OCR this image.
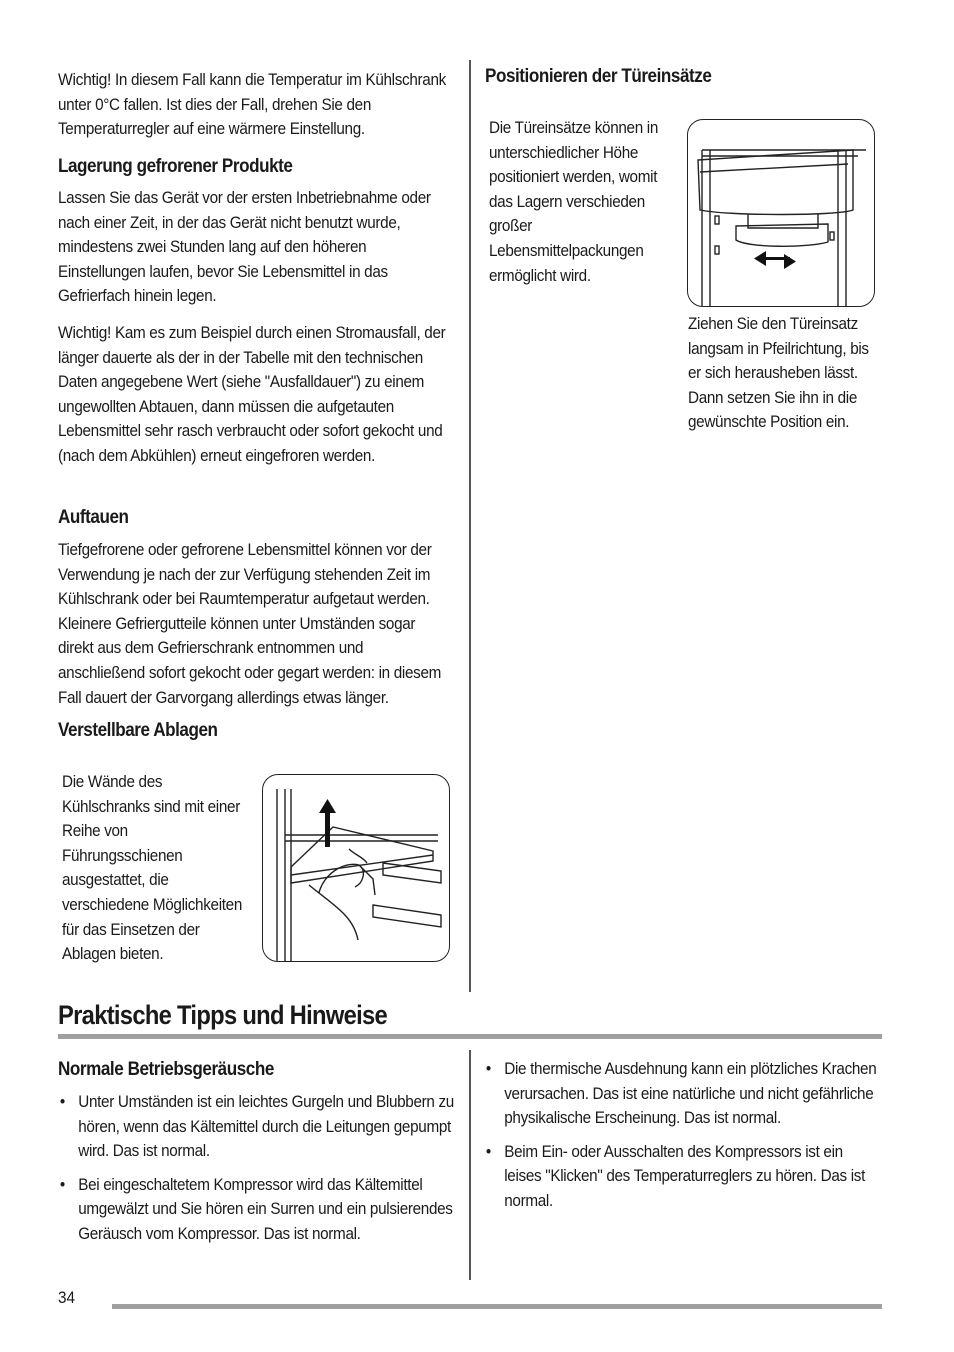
Wichtig! In diesem Fall kann die Temperatur im Kühlschrank unter 0°C fallen. Ist dies der Fall, drehen Sie den Temperaturregler auf eine wärmere Einstellung.

Lagerung gefrorener Produkte

Lassen Sie das Gerät vor der ersten Inbetriebnahme oder nach einer Zeit, in der das Gerät nicht benutzt wurde, mindestens zwei Stunden lang auf den höheren Einstellungen laufen, bevor Sie Lebensmittel in das Gefrierfach hinein legen.

Wichtig! Kam es zum Beispiel durch einen Stromausfall, der länger dauerte als der in der Tabelle mit den technischen Daten angegebene Wert (siehe "Ausfalldauer") zu einem ungewollten Abtauen, dann müssen die aufgetauten Lebensmittel sehr rasch verbraucht oder sofort gekocht und (nach dem Abkühlen) erneut eingefroren werden.

Auftauen

Tiefgefrorene oder gefrorene Lebensmittel können vor der Verwendung je nach der zur Verfügung stehenden Zeit im Kühlschrank oder bei Raumtemperatur aufgetaut werden. Kleinere Gefriergutteile können unter Umständen sogar direkt aus dem Gefrierschrank entnommen und anschließend sofort gekocht oder gegart werden: in diesem Fall dauert der Garvorgang allerdings etwas länger.

Verstellbare Ablagen

Die Wände des Kühlschranks sind mit einer Reihe von Führungsschienen ausgestattet, die verschiedene Möglichkeiten für das Einsetzen der Ablagen bieten.

Positionieren der Türeinsätze

Die Türeinsätze können in unterschiedlicher Höhe positioniert werden, womit das Lagern verschieden großer Lebensmittelpackungen ermöglicht wird.

Ziehen Sie den Türeinsatz langsam in Pfeilrichtung, bis er sich herausheben lässt. Dann setzen Sie ihn in die gewünschte Position ein.

Praktische Tipps und Hinweise
Normale Betriebsgeräusche
• Unter Umständen ist ein leichtes Gurgeln und Blubbern zu hören, wenn das Kältemittel durch die Leitungen gepumpt wird. Das ist normal.
• Bei eingeschaltetem Kompressor wird das Kältemittel umgewälzt und Sie hören ein Surren und ein pulsierendes Geräusch vom Kompressor. Das ist normal.
• Die thermische Ausdehnung kann ein plötzliches Krachen verursachen. Das ist eine natürliche und nicht gefährliche physikalische Erscheinung. Das ist normal.
• Beim Ein- oder Ausschalten des Kompressors ist ein leises "Klicken" des Temperaturreglers zu hören. Das ist normal.
34
